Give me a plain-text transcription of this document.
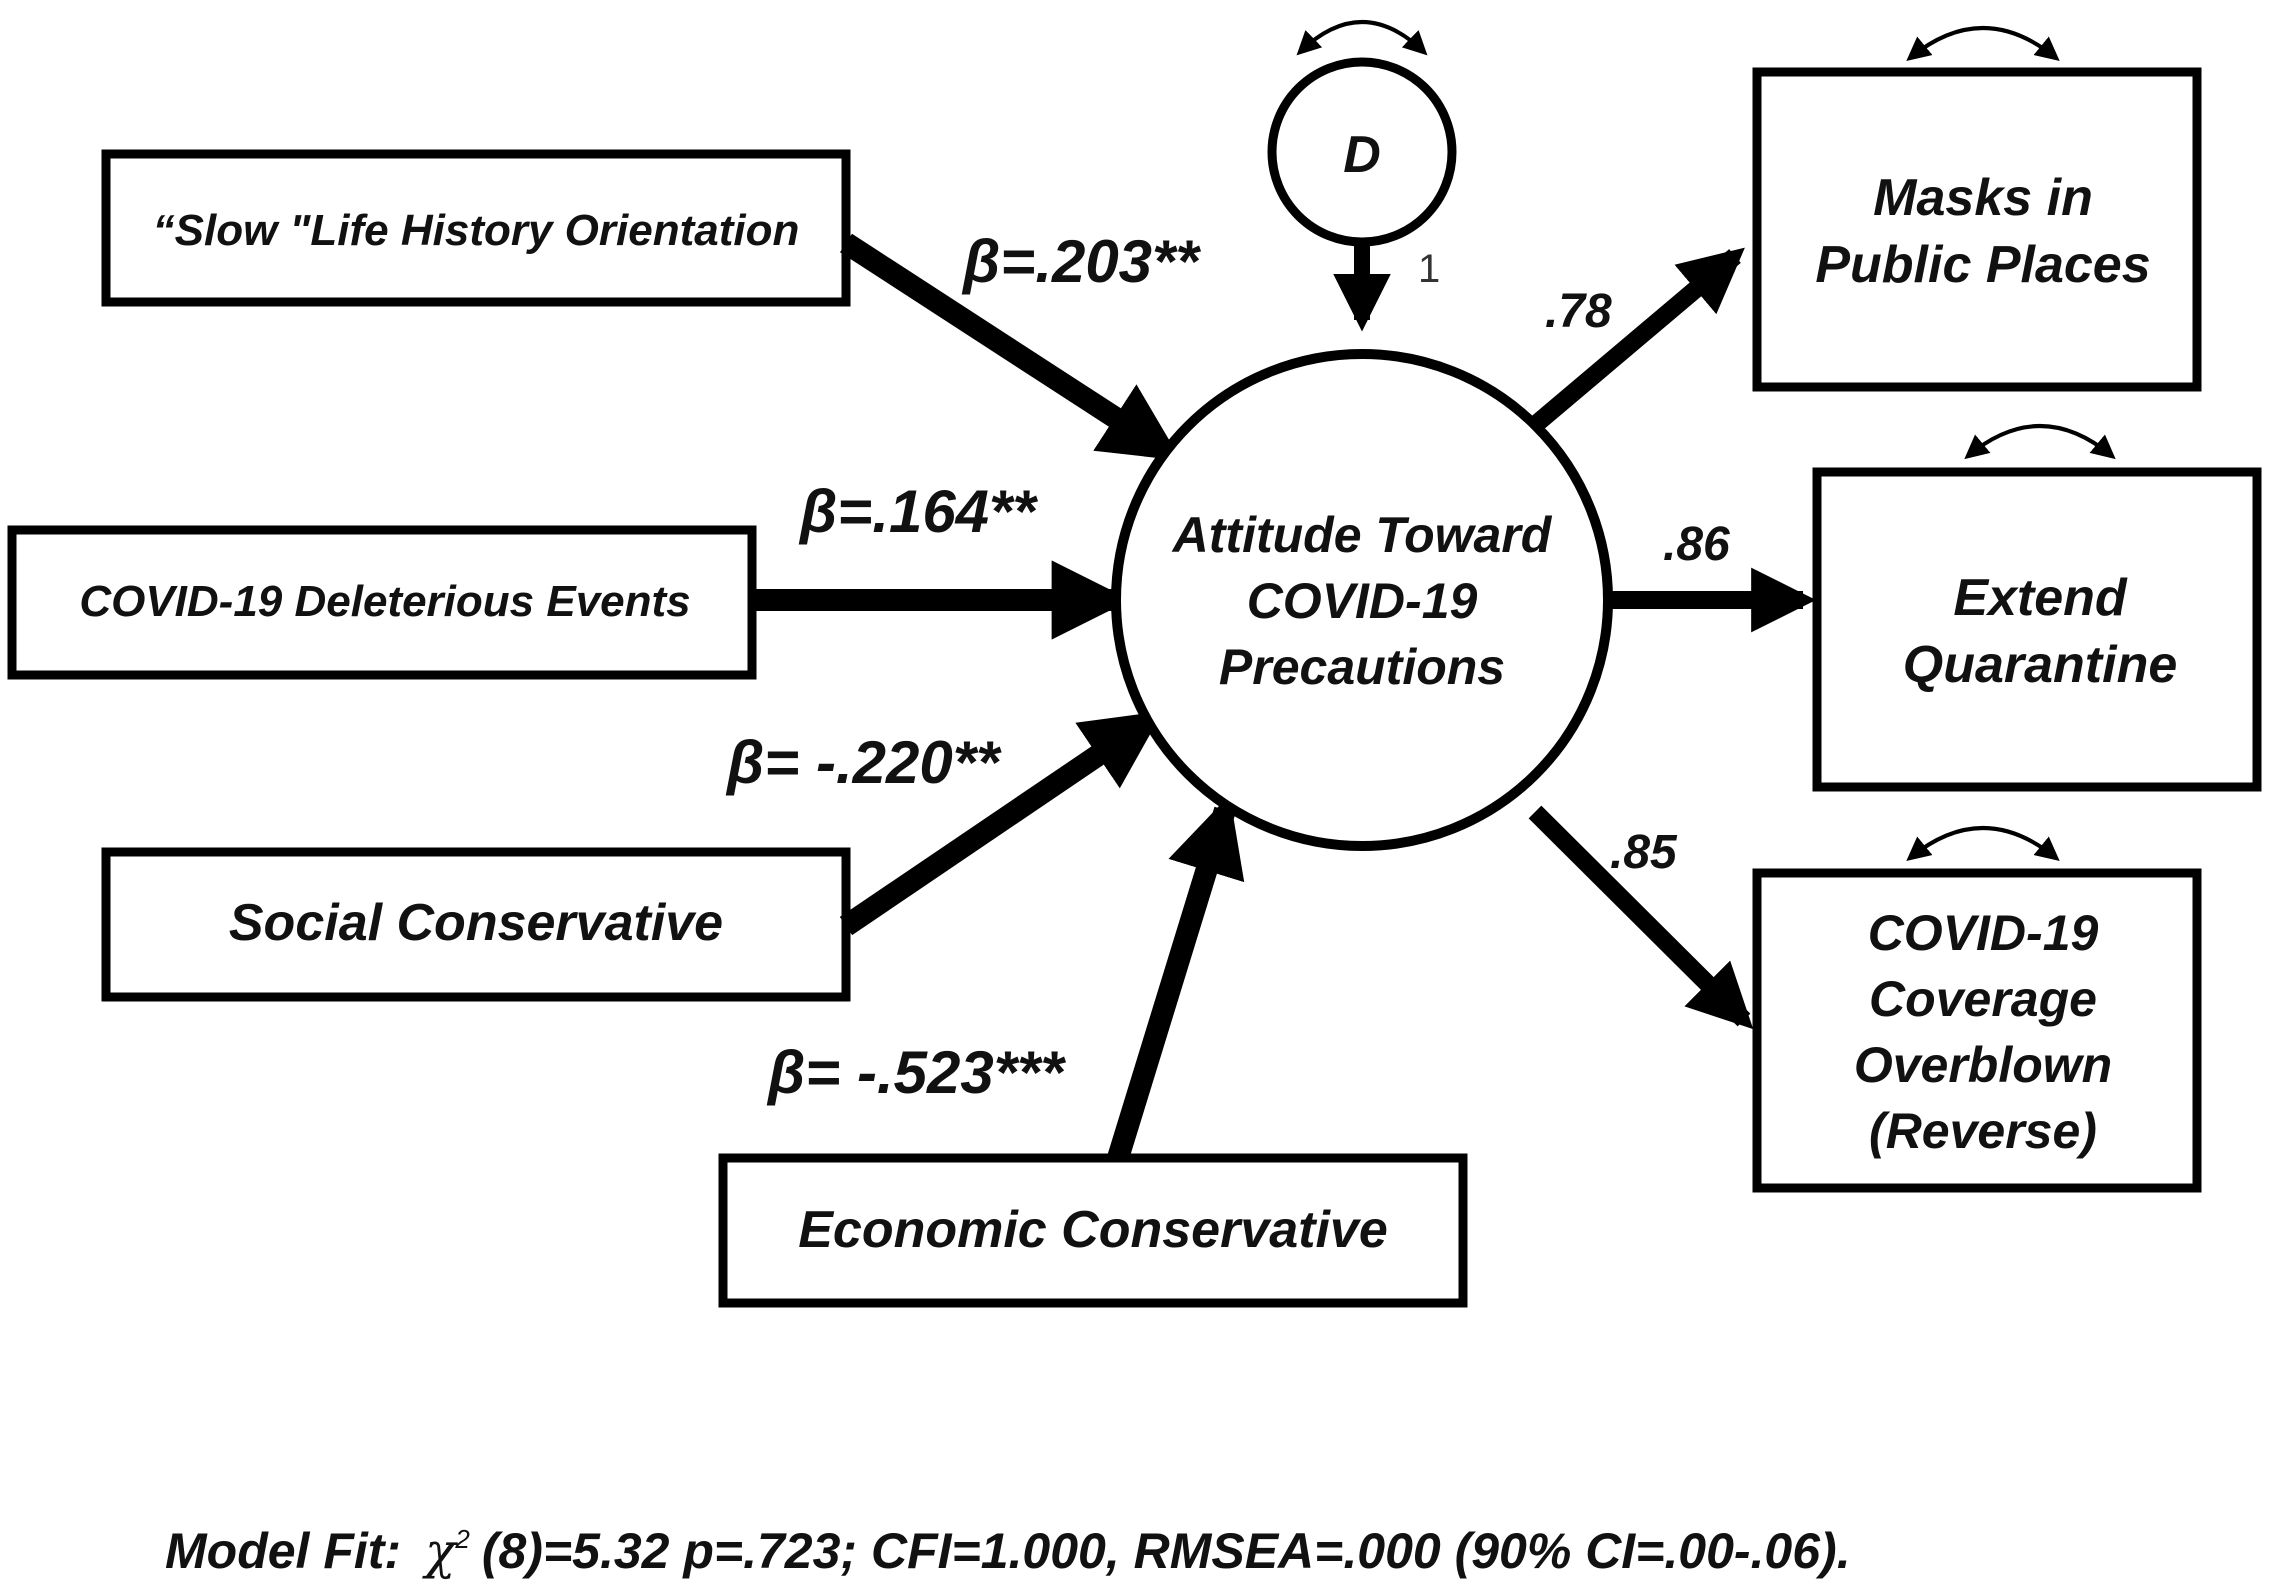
“Slow "Life History Orientation
COVID-19 Deleterious Events
Social Conservative
Economic Conservative
β=.203**
β=.164**
β= -.220**
β= -.523***
D
1
Attitude Toward
COVID-19
Precautions
.78
.86
.85
Masks in
Public Places
Extend
Quarantine
COVID-19
Coverage
Overblown
(Reverse)
Model Fit: $\chi^2$ (8)=5.32 p=.723; CFI=1.000, RMSEA=.000 (90% CI=.00-.06).
